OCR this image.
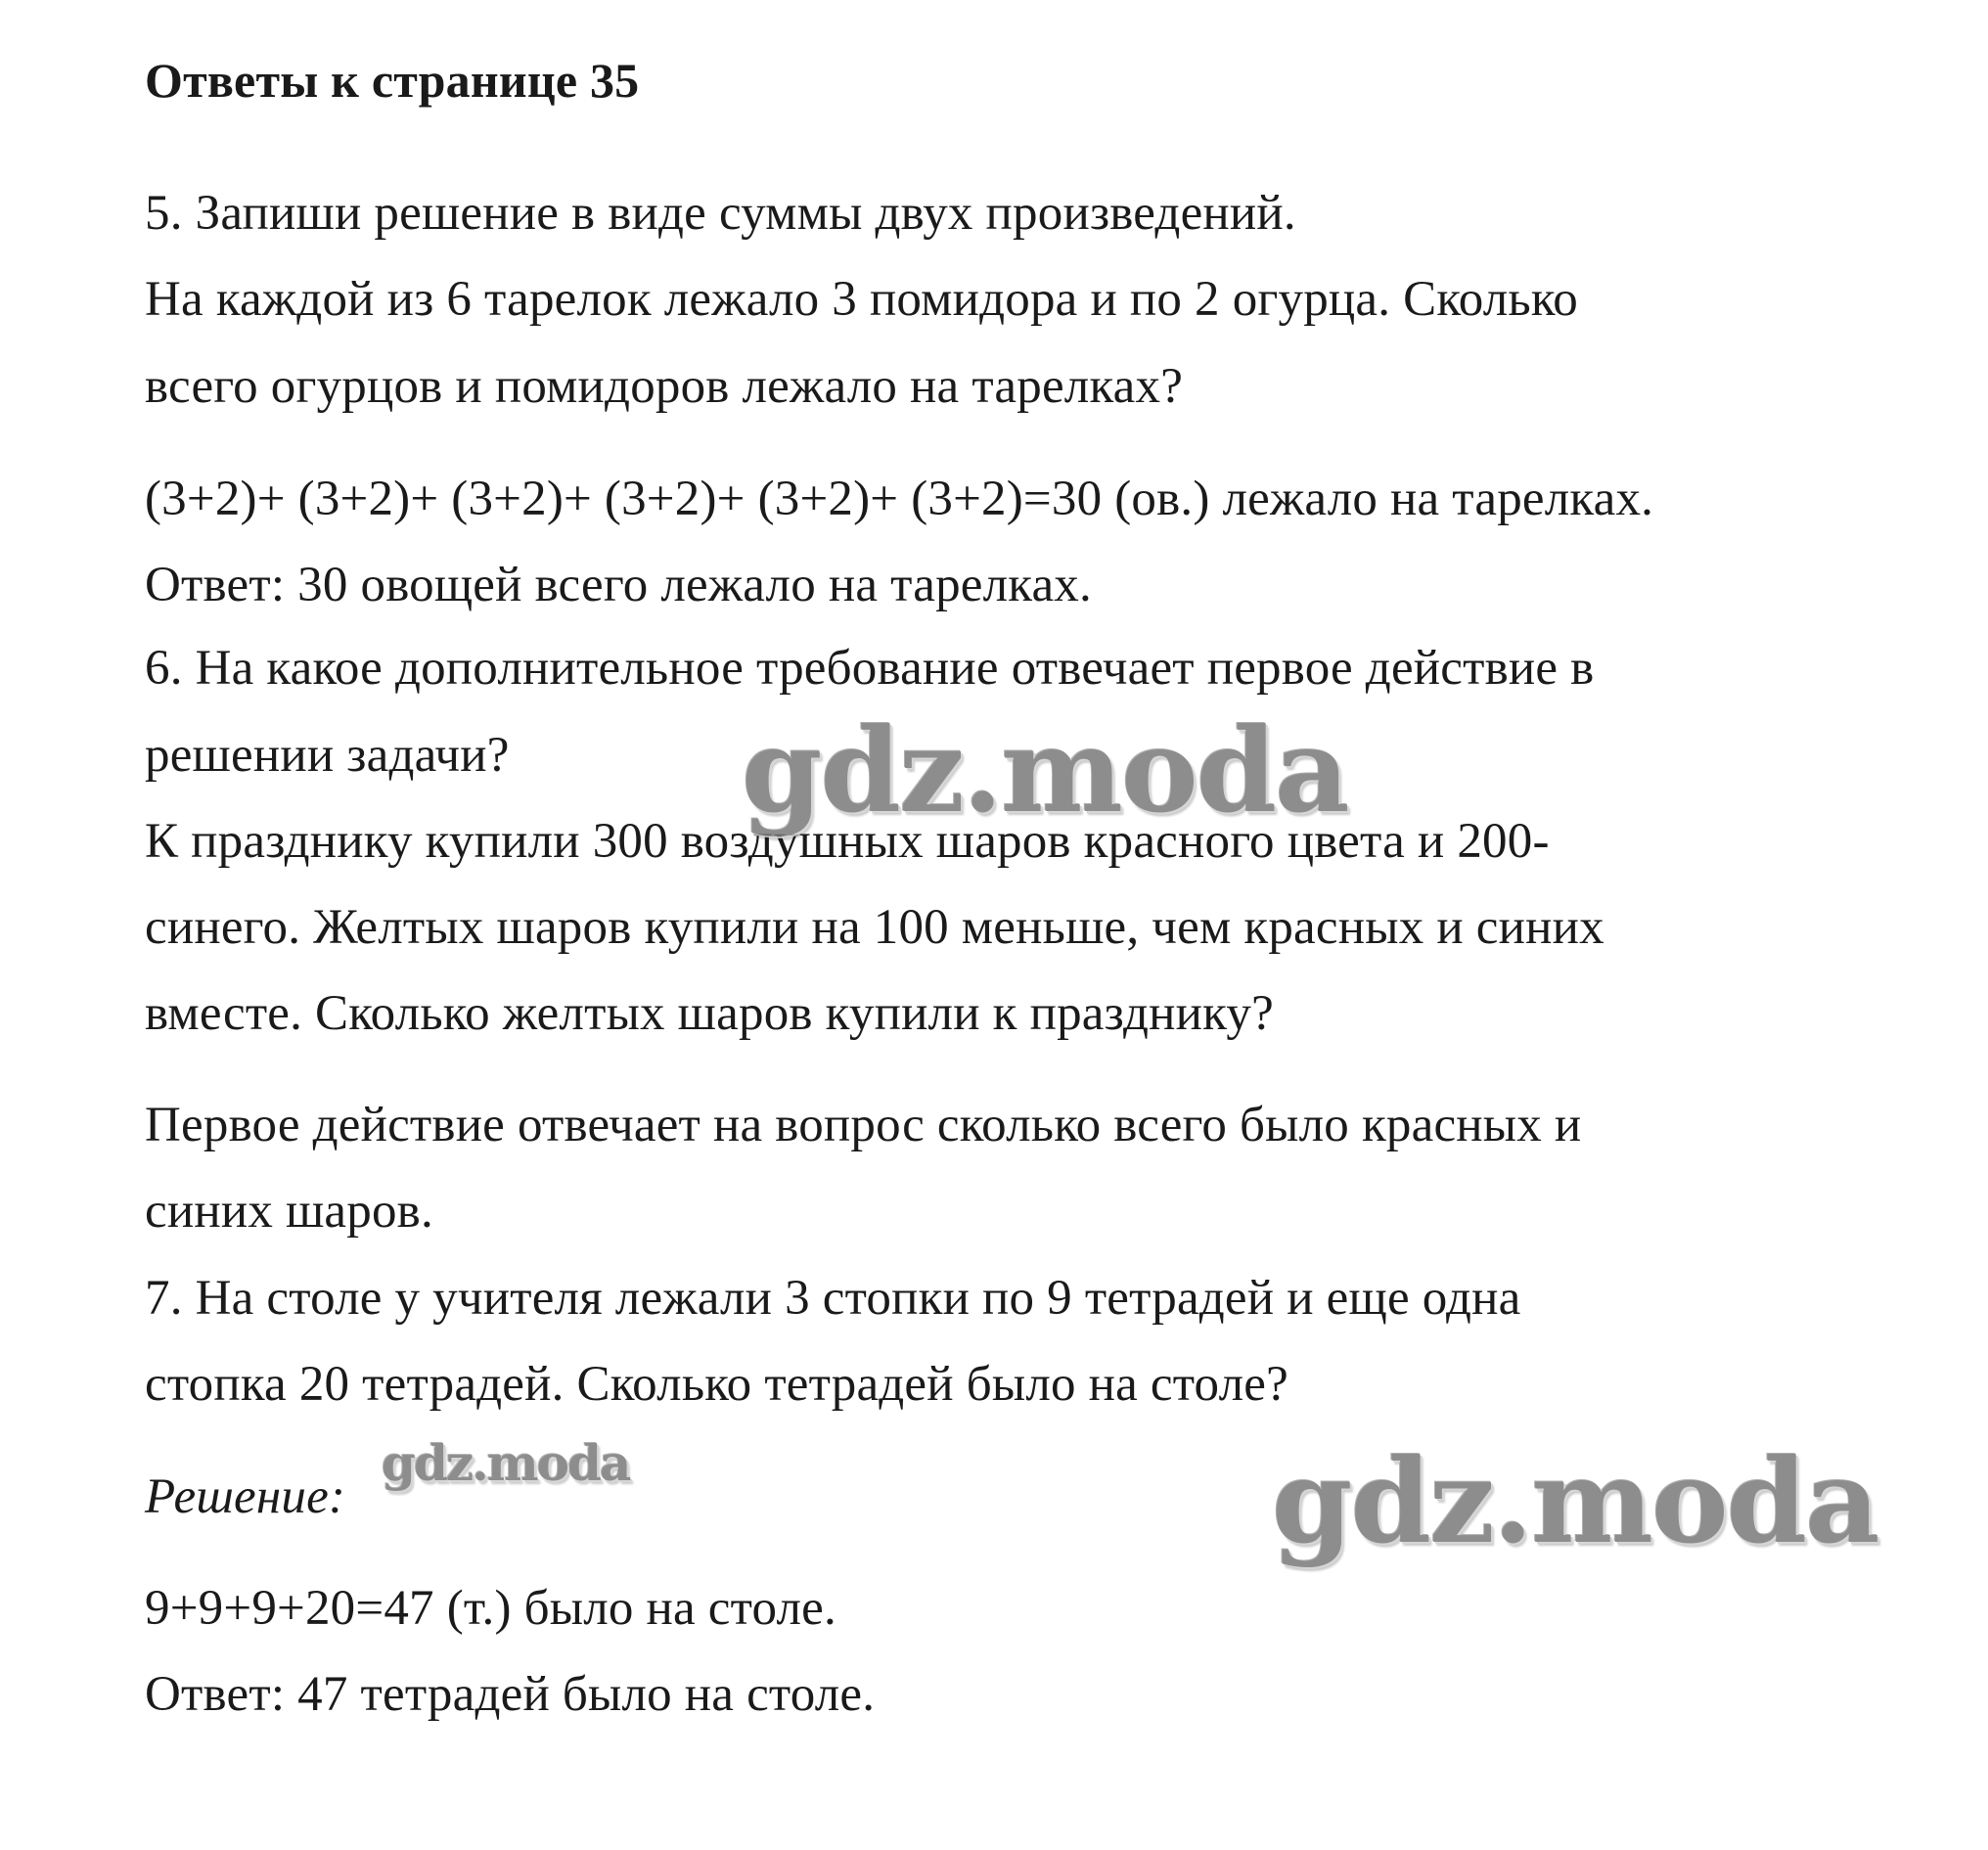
Ответы к странице 35
5. Запиши решение в виде суммы двух произведений.
На каждой из 6 тарелок лежало 3 помидора и по 2 огурца. Сколько
всего огурцов и помидоров лежало на тарелках?
(3+2)+ (3+2)+ (3+2)+ (3+2)+ (3+2)+ (3+2)=30 (ов.) лежало на тарелках.
Ответ: 30 овощей всего лежало на тарелках.
6. На какое дополнительное требование отвечает первое действие в
решении задачи?
К празднику купили 300 воздушных шаров красного цвета и 200-
синего. Желтых шаров купили на 100 меньше, чем красных и синих
вместе. Сколько желтых шаров купили к празднику?
Первое действие отвечает на вопрос сколько всего было красных и
синих шаров.
7. На столе у учителя лежали 3 стопки по 9 тетрадей и еще одна
стопка 20 тетрадей. Сколько тетрадей было на столе?
Решение:
9+9+9+20=47 (т.) было на столе.
Ответ: 47 тетрадей было на столе.
gdz.moda
gdz.moda	gdz.moda
